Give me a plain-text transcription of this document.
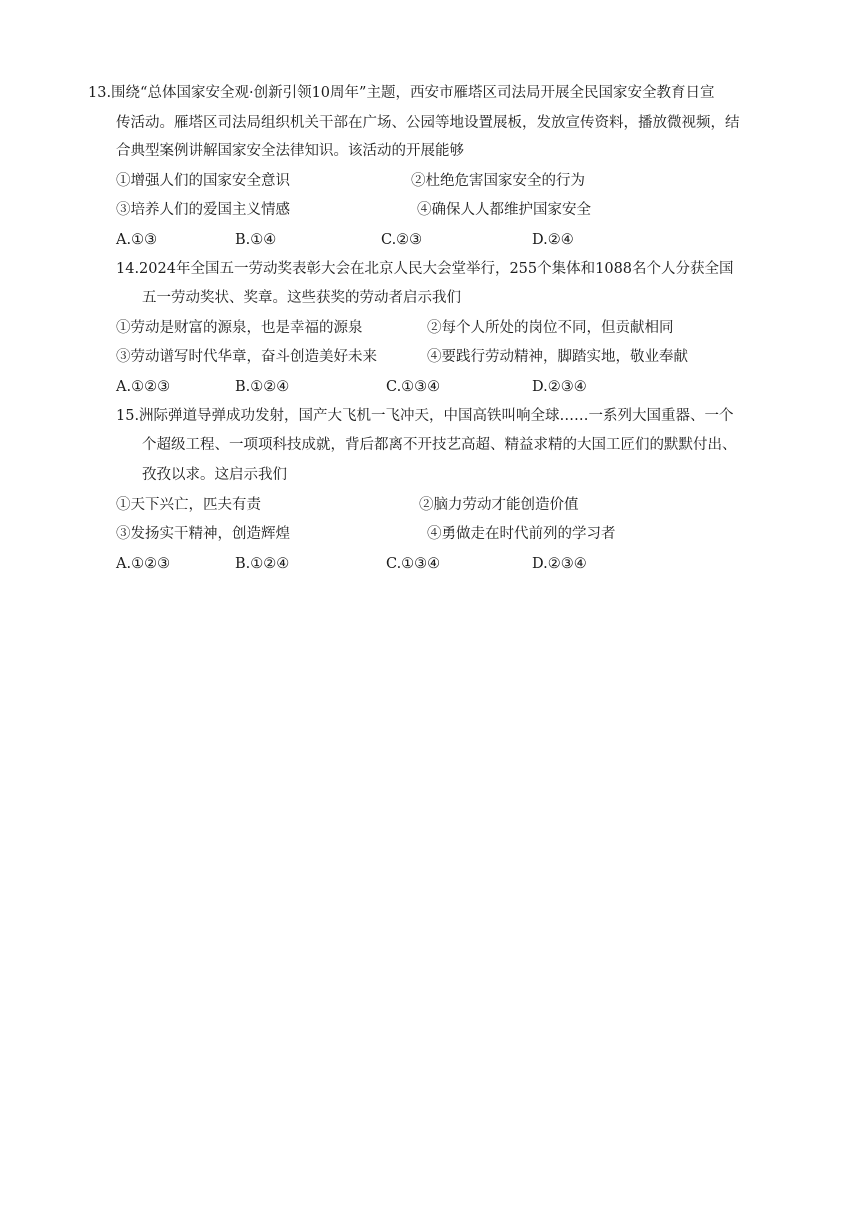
13.围绕“总体国家安全观·创新引领10周年”主题，西安市雁塔区司法局开展全民国家安全教育日宣
传活动。雁塔区司法局组织机关干部在广场、公园等地设置展板，发放宣传资料，播放微视频，结
合典型案例讲解国家安全法律知识。该活动的开展能够
①增强人们的国家安全意识	②杜绝危害国家安全的行为
③培养人们的爱国主义情感	④确保人人都维护国家安全
A.①③	B.①④	C.②③	D.②④
14.2024年全国五一劳动奖表彰大会在北京人民大会堂举行，255个集体和1088名个人分获全国
五一劳动奖状、奖章。这些获奖的劳动者启示我们
①劳动是财富的源泉，也是幸福的源泉	②每个人所处的岗位不同，但贡献相同
③劳动谱写时代华章，奋斗创造美好未来	④要践行劳动精神，脚踏实地，敬业奉献
A.①②③	B.①②④	C.①③④	D.②③④
15.洲际弹道导弹成功发射，国产大飞机一飞冲天，中国高铁叫响全球……一系列大国重器、一个
个超级工程、一项项科技成就，背后都离不开技艺高超、精益求精的大国工匠们的默默付出、
孜孜以求。这启示我们
①天下兴亡，匹夫有责	②脑力劳动才能创造价值
③发扬实干精神，创造辉煌	④勇做走在时代前列的学习者
A.①②③	B.①②④	C.①③④	D.②③④
